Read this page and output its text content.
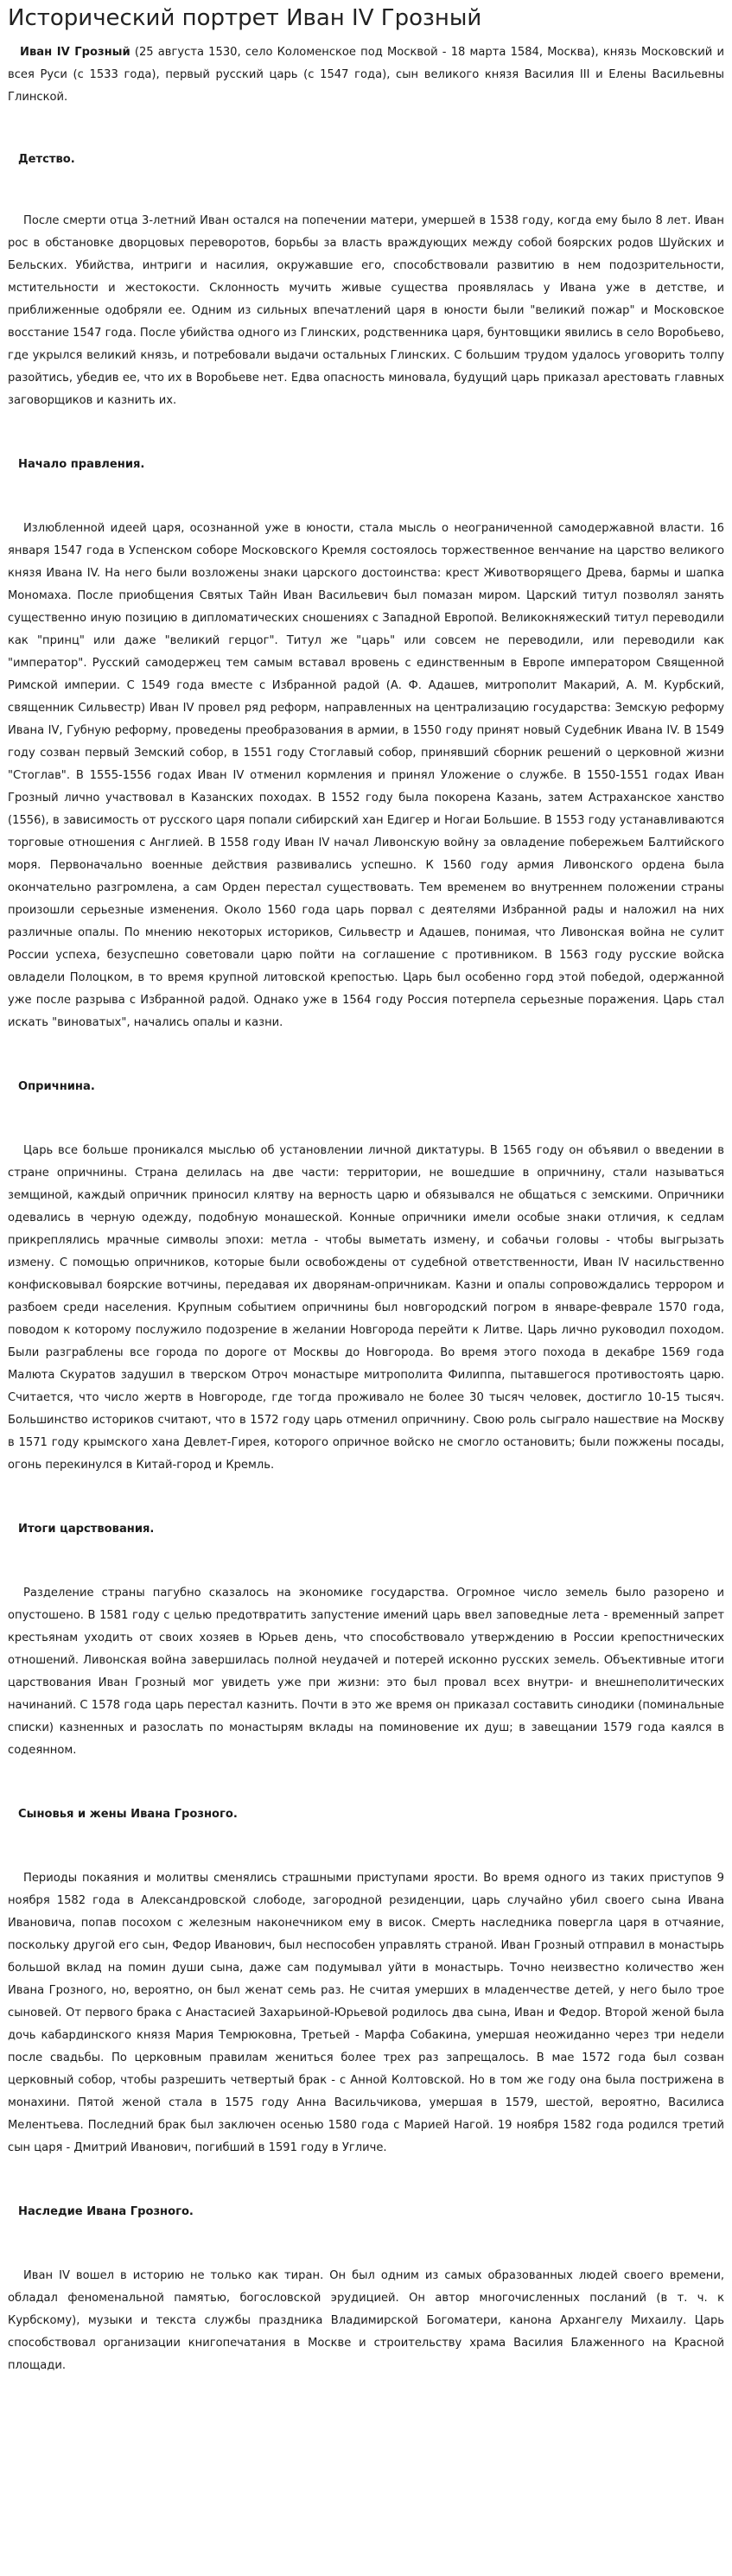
Исторический портрет Иван IV Грозный

Иван IV Грозный (25 августа 1530, село Коломенское под Москвой - 18 марта 1584, Москва), князь Московский и всея Руси (с 1533 года), первый русский царь (с 1547 года), сын великого князя Василия III и Елены Васильевны Глинской.

Детство.

После смерти отца 3-летний Иван остался на попечении матери, умершей в 1538 году, когда ему было 8 лет. Иван рос в обстановке дворцовых переворотов, борьбы за власть враждующих между собой боярских родов Шуйских и Бельских. Убийства, интриги и насилия, окружавшие его, способствовали развитию в нем подозрительности, мстительности и жестокости. Склонность мучить живые существа проявлялась у Ивана уже в детстве, и приближенные одобряли ее. Одним из сильных впечатлений царя в юности были "великий пожар" и Московское восстание 1547 года. После убийства одного из Глинских, родственника царя, бунтовщики явились в село Воробьево, где укрылся великий князь, и потребовали выдачи остальных Глинских. С большим трудом удалось уговорить толпу разойтись, убедив ее, что их в Воробьеве нет. Едва опасность миновала, будущий царь приказал арестовать главных заговорщиков и казнить их.

Начало правления.

Излюбленной идеей царя, осознанной уже в юности, стала мысль о неограниченной самодержавной власти. 16 января 1547 года в Успенском соборе Московского Кремля состоялось торжественное венчание на царство великого князя Ивана IV. На него были возложены знаки царского достоинства: крест Животворящего Древа, бармы и шапка Мономаха. После приобщения Святых Тайн Иван Васильевич был помазан миром. Царский титул позволял занять существенно иную позицию в дипломатических сношениях с Западной Европой. Великокняжеский титул переводили как "принц" или даже "великий герцог". Титул же "царь" или совсем не переводили, или переводили как "император". Русский самодержец тем самым вставал вровень с единственным в Европе императором Священной Римской империи. С 1549 года вместе с Избранной радой (А. Ф. Адашев, митрополит Макарий, А. М. Курбский, священник Сильвестр) Иван IV провел ряд реформ, направленных на централизацию государства: Земскую реформу Ивана IV, Губную реформу, проведены преобразования в армии, в 1550 году принят новый Судебник Ивана IV. В 1549 году созван первый Земский собор, в 1551 году Стоглавый собор, принявший сборник решений о церковной жизни "Стоглав". В 1555-1556 годах Иван IV отменил кормления и принял Уложение о службе. В 1550-1551 годах Иван Грозный лично участвовал в Казанских походах. В 1552 году была покорена Казань, затем Астраханское ханство (1556), в зависимость от русского царя попали сибирский хан Едигер и Ногаи Большие. В 1553 году устанавливаются торговые отношения с Англией. В 1558 году Иван IV начал Ливонскую войну за овладение побережьем Балтийского моря. Первоначально военные действия развивались успешно. К 1560 году армия Ливонского ордена была окончательно разгромлена, а сам Орден перестал существовать. Тем временем во внутреннем положении страны произошли серьезные изменения. Около 1560 года царь порвал с деятелями Избранной рады и наложил на них различные опалы. По мнению некоторых историков, Сильвестр и Адашев, понимая, что Ливонская война не сулит России успеха, безуспешно советовали царю пойти на соглашение с противником. В 1563 году русские войска овладели Полоцком, в то время крупной литовской крепостью. Царь был особенно горд этой победой, одержанной уже после разрыва с Избранной радой. Однако уже в 1564 году Россия потерпела серьезные поражения. Царь стал искать "виноватых", начались опалы и казни.

Опричнина.

Царь все больше проникался мыслью об установлении личной диктатуры. В 1565 году он объявил о введении в стране опричнины. Страна делилась на две части: территории, не вошедшие в опричнину, стали называться земщиной, каждый опричник приносил клятву на верность царю и обязывался не общаться с земскими. Опричники одевались в черную одежду, подобную монашеской. Конные опричники имели особые знаки отличия, к седлам прикреплялись мрачные символы эпохи: метла - чтобы выметать измену, и собачьи головы - чтобы выгрызать измену. С помощью опричников, которые были освобождены от судебной ответственности, Иван IV насильственно конфисковывал боярские вотчины, передавая их дворянам-опричникам. Казни и опалы сопровождались террором и разбоем среди населения. Крупным событием опричнины был новгородский погром в январе-феврале 1570 года, поводом к которому послужило подозрение в желании Новгорода перейти к Литве. Царь лично руководил походом. Были разграблены все города по дороге от Москвы до Новгорода. Во время этого похода в декабре 1569 года Малюта Скуратов задушил в тверском Отроч монастыре митрополита Филиппа, пытавшегося противостоять царю. Считается, что число жертв в Новгороде, где тогда проживало не более 30 тысяч человек, достигло 10-15 тысяч. Большинство историков считают, что в 1572 году царь отменил опричнину. Свою роль сыграло нашествие на Москву в 1571 году крымского хана Девлет-Гирея, которого опричное войско не смогло остановить; были пожжены посады, огонь перекинулся в Китай-город и Кремль.

Итоги царствования.

Разделение страны пагубно сказалось на экономике государства. Огромное число земель было разорено и опустошено. В 1581 году с целью предотвратить запустение имений царь ввел заповедные лета - временный запрет крестьянам уходить от своих хозяев в Юрьев день, что способствовало утверждению в России крепостнических отношений. Ливонская война завершилась полной неудачей и потерей исконно русских земель. Объективные итоги царствования Иван Грозный мог увидеть уже при жизни: это был провал всех внутри- и внешнеполитических начинаний. С 1578 года царь перестал казнить. Почти в это же время он приказал составить синодики (поминальные списки) казненных и разослать по монастырям вклады на поминовение их душ; в завещании 1579 года каялся в содеянном.

Сыновья и жены Ивана Грозного.

Периоды покаяния и молитвы сменялись страшными приступами ярости. Во время одного из таких приступов 9 ноября 1582 года в Александровской слободе, загородной резиденции, царь случайно убил своего сына Ивана Ивановича, попав посохом с железным наконечником ему в висок. Смерть наследника повергла царя в отчаяние, поскольку другой его сын, Федор Иванович, был неспособен управлять страной. Иван Грозный отправил в монастырь большой вклад на помин души сына, даже сам подумывал уйти в монастырь. Точно неизвестно количество жен Ивана Грозного, но, вероятно, он был женат семь раз. Не считая умерших в младенчестве детей, у него было трое сыновей. От первого брака с Анастасией Захарьиной-Юрьевой родилось два сына, Иван и Федор. Второй женой была дочь кабардинского князя Мария Темрюковна, Третьей - Марфа Собакина, умершая неожиданно через три недели после свадьбы. По церковным правилам жениться более трех раз запрещалось. В мае 1572 года был созван церковный собор, чтобы разрешить четвертый брак - с Анной Колтовской. Но в том же году она была пострижена в монахини. Пятой женой стала в 1575 году Анна Васильчикова, умершая в 1579, шестой, вероятно, Василиса Мелентьева. Последний брак был заключен осенью 1580 года с Марией Нагой. 19 ноября 1582 года родился третий сын царя - Дмитрий Иванович, погибший в 1591 году в Угличе.

Наследие Ивана Грозного.

Иван IV вошел в историю не только как тиран. Он был одним из самых образованных людей своего времени, обладал феноменальной памятью, богословской эрудицией. Он автор многочисленных посланий (в т. ч. к Курбскому), музыки и текста службы праздника Владимирской Богоматери, канона Архангелу Михаилу. Царь способствовал организации книгопечатания в Москве и строительству храма Василия Блаженного на Красной площади.
